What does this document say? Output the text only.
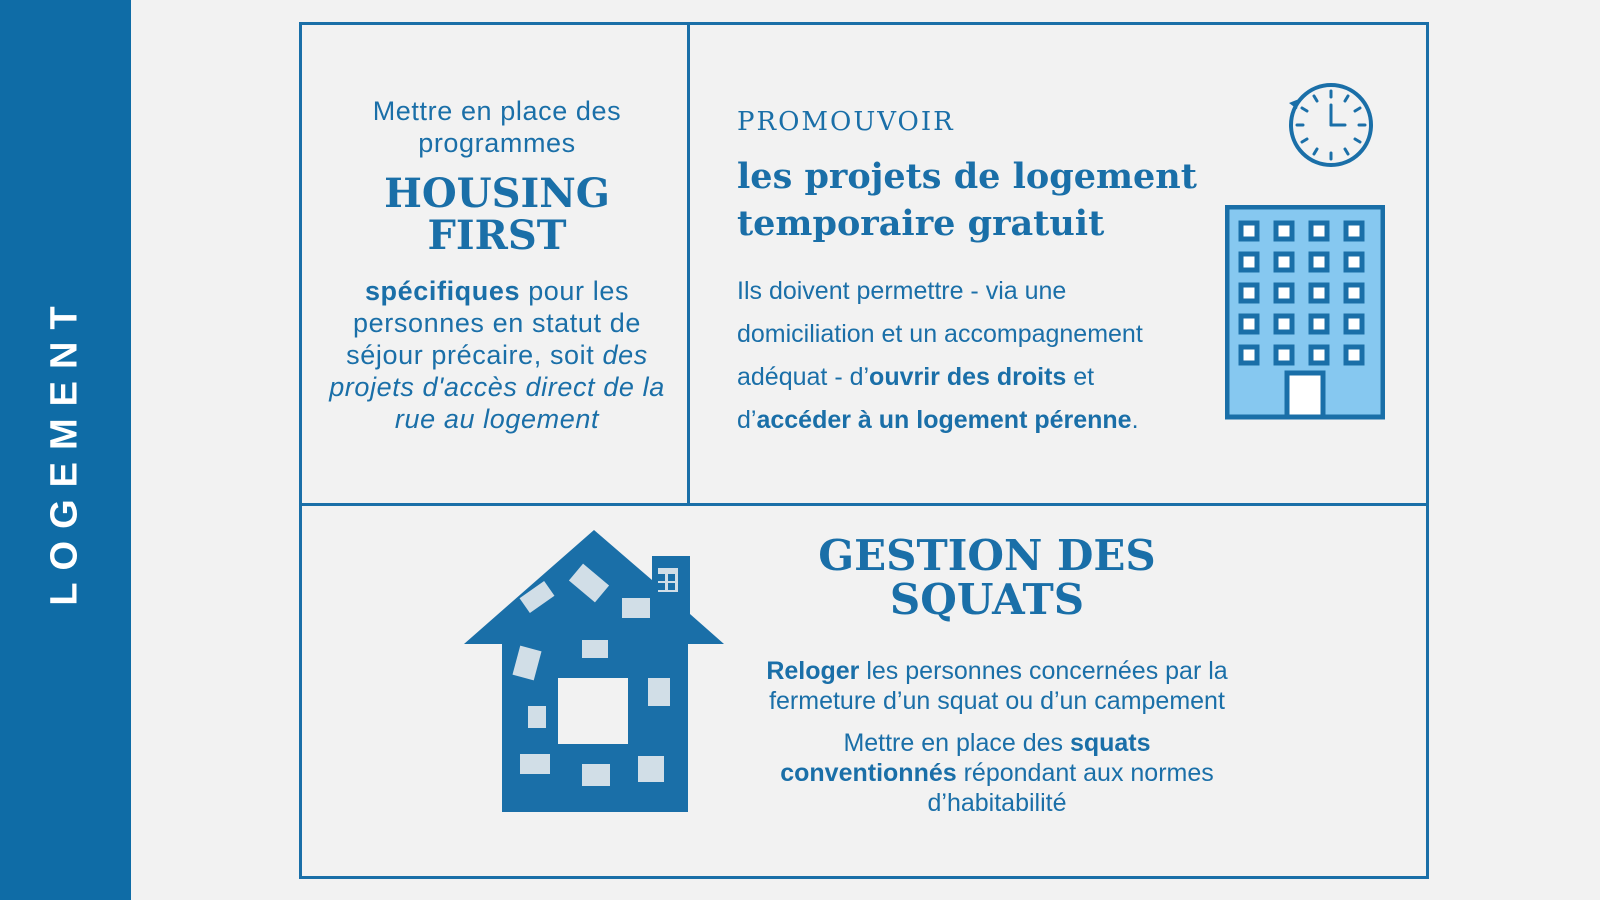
LOGEMENT
Mettre en place des programmes
HOUSING FIRST
spécifiques pour les personnes en statut de séjour précaire, soit des projets d'accès direct de la rue au logement
PROMOUVOIR
les projets de logement temporaire gratuit
Ils doivent permettre - via une domiciliation et un accompagnement adéquat - d’ouvrir des droits et d’accéder à un logement pérenne.
GESTION DES SQUATS
Reloger les personnes concernées par la fermeture d’un squat ou d’un campement
Mettre en place des squats conventionnés répondant aux normes d’habitabilité
